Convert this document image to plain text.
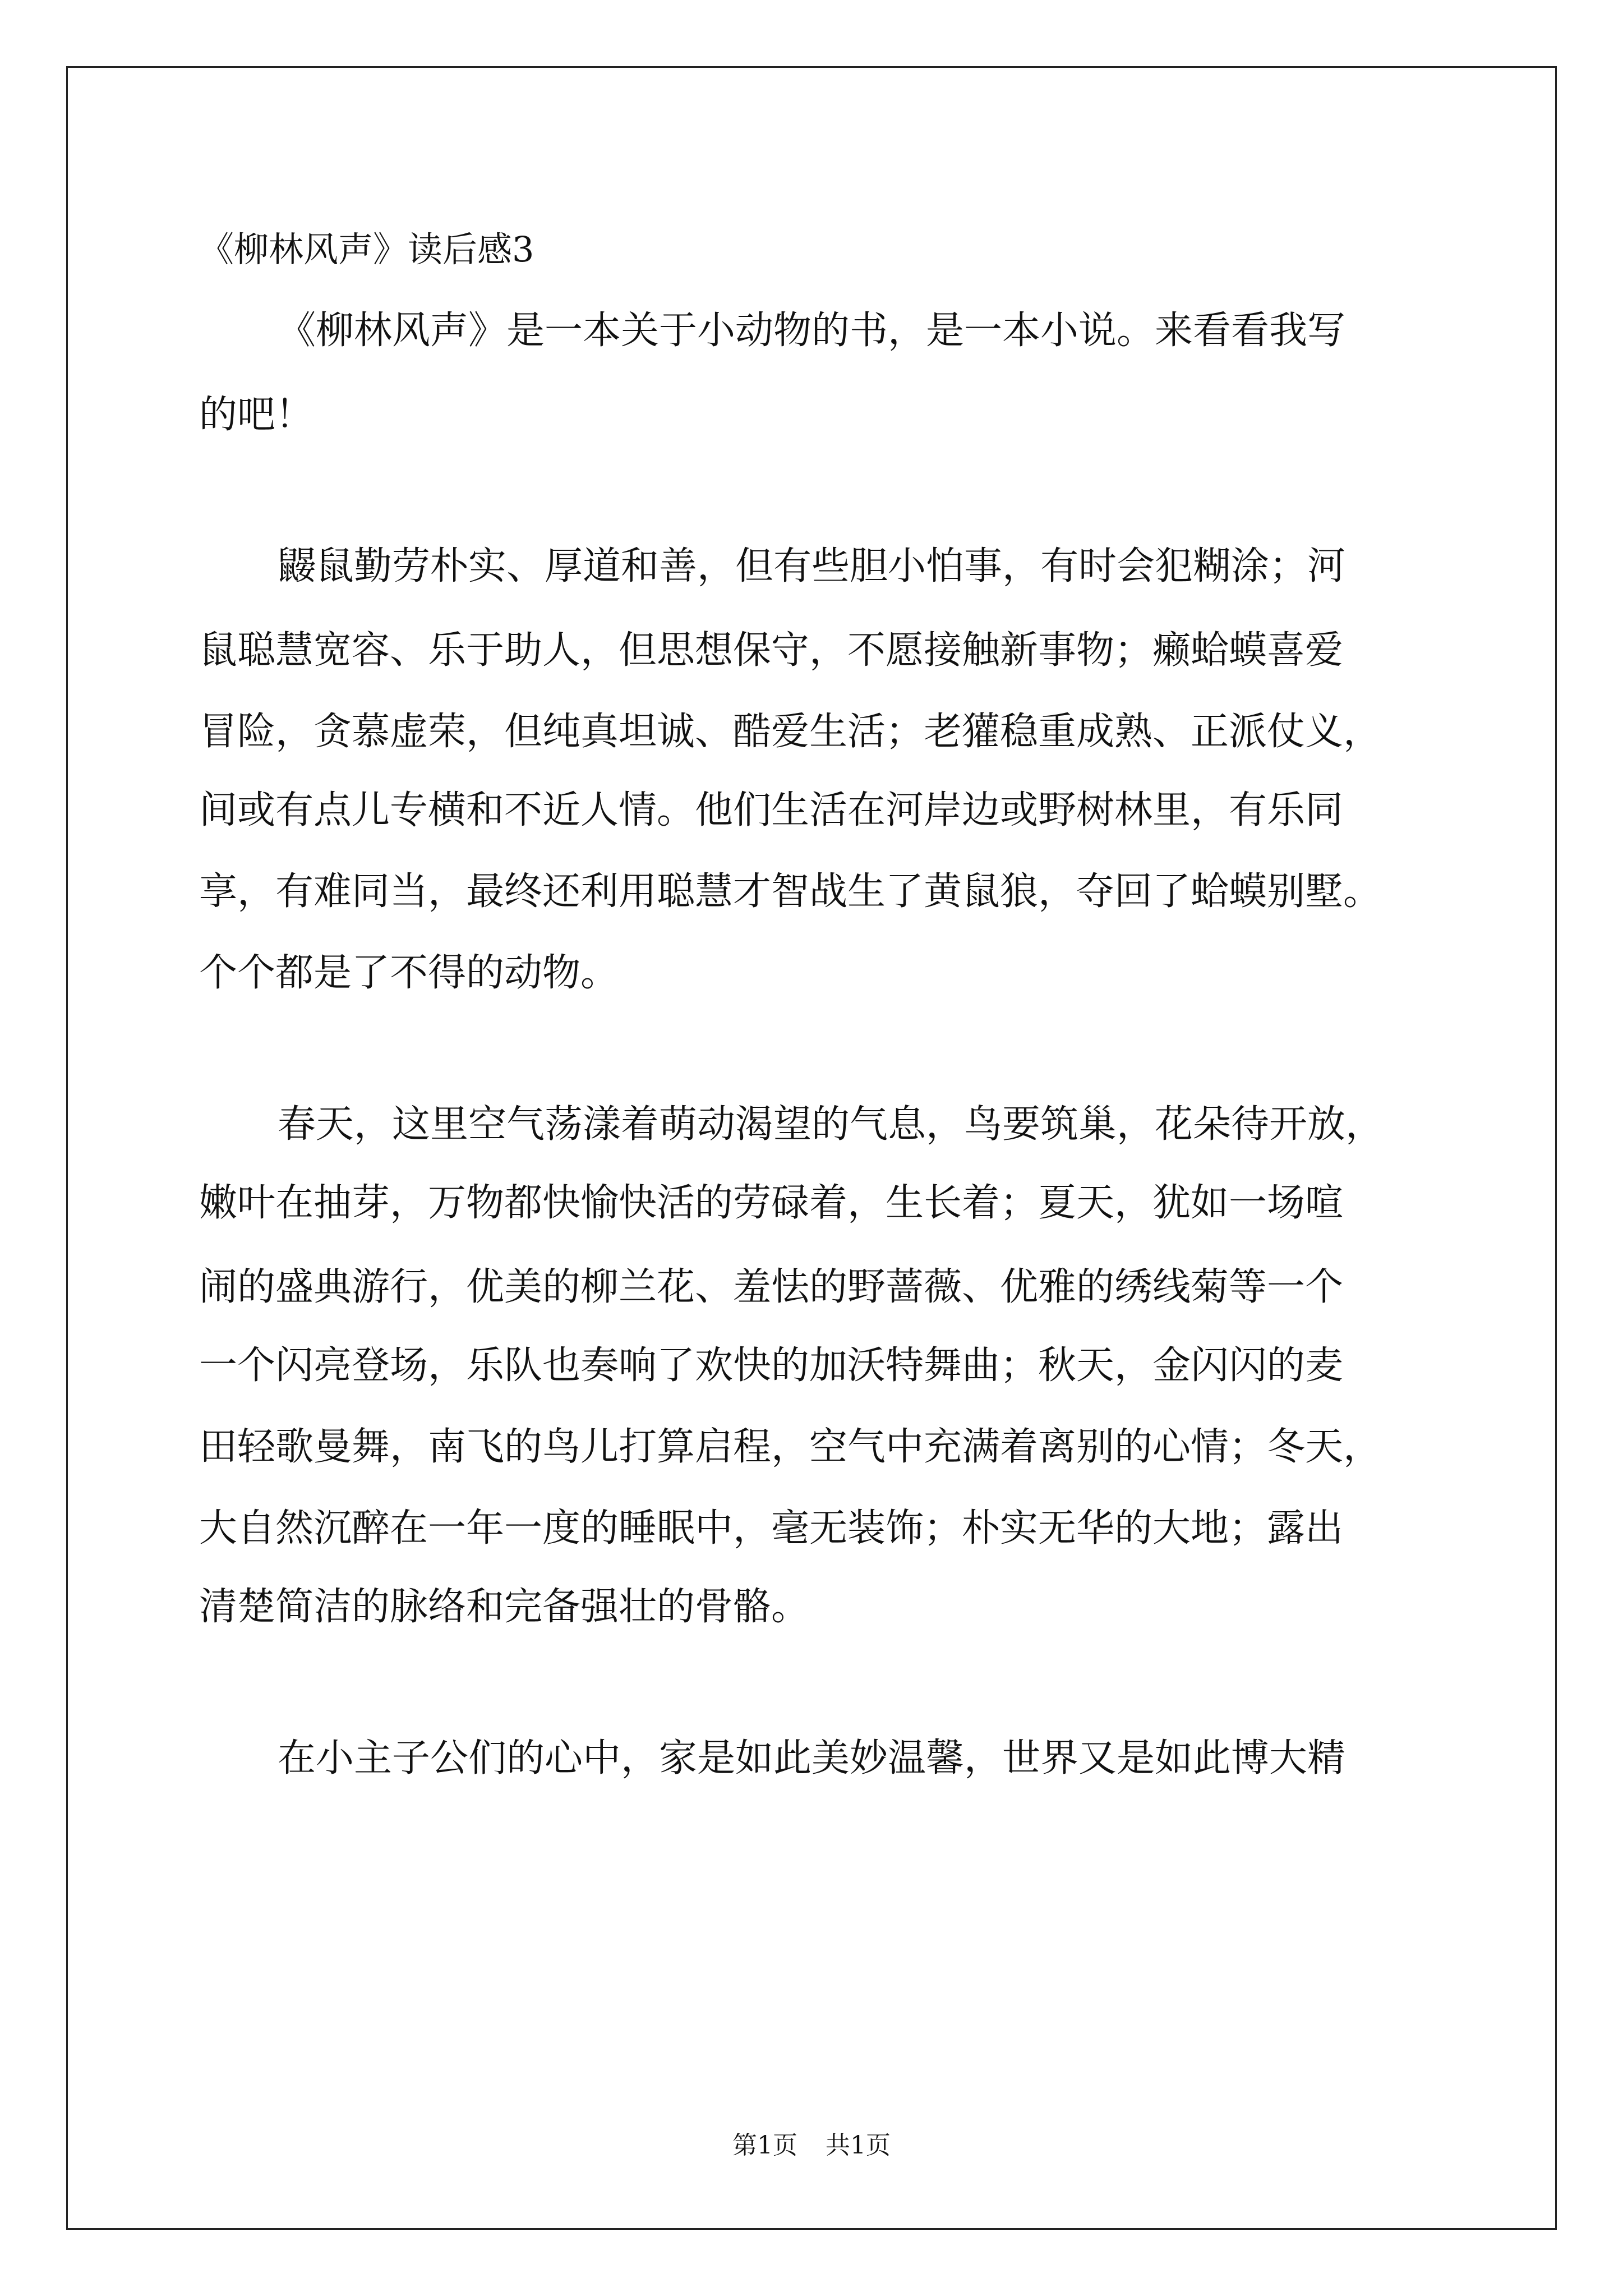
《柳林风声》读后感3

《柳林风声》是一本关于小动物的书，是一本小说。来看看我写

的吧！

鼹鼠勤劳朴实、厚道和善，但有些胆小怕事，有时会犯糊涂；河

鼠聪慧宽容、乐于助人，但思想保守，不愿接触新事物；癞蛤蟆喜爱

冒险，贪慕虚荣，但纯真坦诚、酷爱生活；老獾稳重成熟、正派仗义，

间或有点儿专横和不近人情。他们生活在河岸边或野树林里，有乐同

享，有难同当，最终还利用聪慧才智战生了黄鼠狼，夺回了蛤蟆别墅。

个个都是了不得的动物。

春天，这里空气荡漾着萌动渴望的气息，鸟要筑巢，花朵待开放，

嫩叶在抽芽，万物都快愉快活的劳碌着，生长着；夏天，犹如一场喧

闹的盛典游行，优美的柳兰花、羞怯的野蔷薇、优雅的绣线菊等一个

一个闪亮登场，乐队也奏响了欢快的加沃特舞曲；秋天，金闪闪的麦

田轻歌曼舞，南飞的鸟儿打算启程，空气中充满着离别的心情；冬天，

大自然沉醉在一年一度的睡眠中，毫无装饰；朴实无华的大地；露出

清楚简洁的脉络和完备强壮的骨骼。

在小主子公们的心中，家是如此美妙温馨，世界又是如此博大精

第1页 共1页
